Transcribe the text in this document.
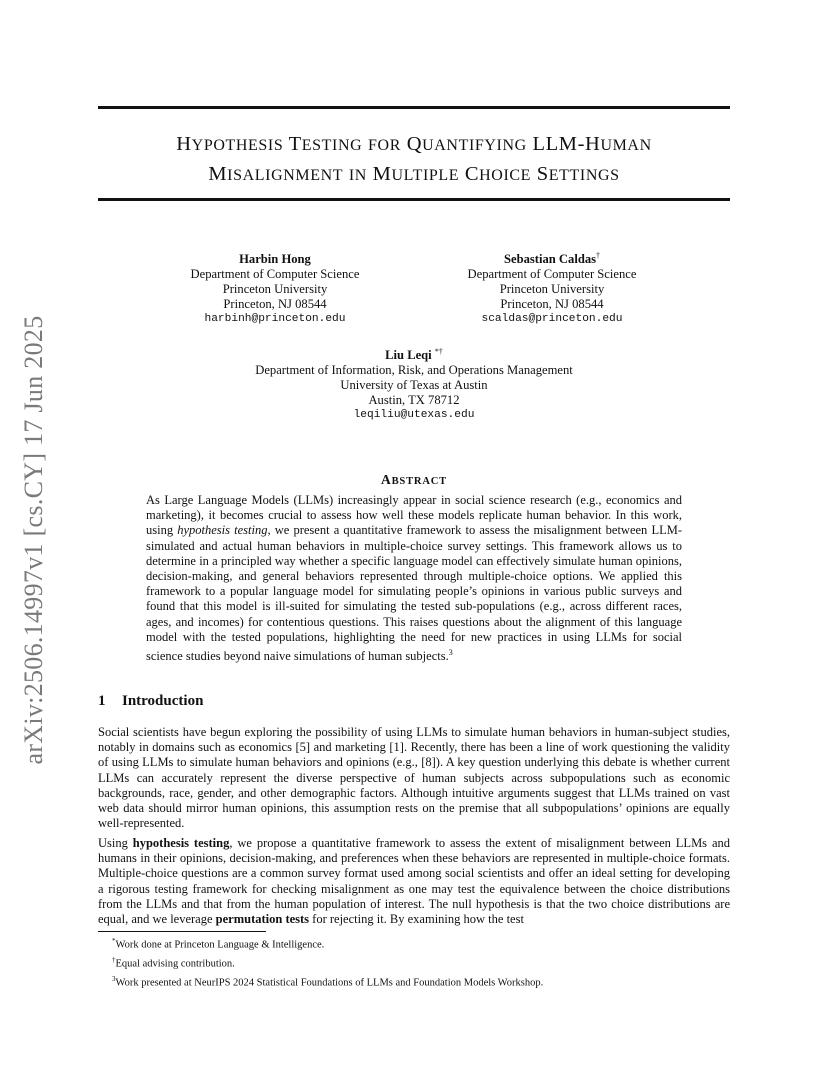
arXiv:2506.14997v1 [cs.CY] 17 Jun 2025
HYPOTHESIS TESTING FOR QUANTIFYING LLM-HUMAN
MISALIGNMENT IN MULTIPLE CHOICE SETTINGS
Harbin Hong
Department of Computer Science
Princeton University
Princeton, NJ 08544
harbinh@princeton.edu
Sebastian Caldas†
Department of Computer Science
Princeton University
Princeton, NJ 08544
scaldas@princeton.edu
Liu Leqi *†
Department of Information, Risk, and Operations Management
University of Texas at Austin
Austin, TX 78712
leqiliu@utexas.edu
ABSTRACT
As Large Language Models (LLMs) increasingly appear in social science research (e.g., economics and marketing), it becomes crucial to assess how well these models replicate human behavior. In this work, using hypothesis testing, we present a quantitative framework to assess the misalignment between LLM-simulated and actual human behaviors in multiple-choice survey settings. This framework allows us to determine in a principled way whether a specific language model can effectively simulate human opinions, decision-making, and general behaviors represented through multiple-choice options. We applied this framework to a popular language model for simulating people’s opinions in various public surveys and found that this model is ill-suited for simulating the tested sub-populations (e.g., across different races, ages, and incomes) for contentious questions. This raises questions about the alignment of this language model with the tested populations, highlighting the need for new practices in using LLMs for social science studies beyond naive simulations of human subjects.$^3$
1 Introduction
Social scientists have begun exploring the possibility of using LLMs to simulate human behaviors in human-subject studies, notably in domains such as economics [5] and marketing [1]. Recently, there has been a line of work questioning the validity of using LLMs to simulate human behaviors and opinions (e.g., [8]). A key question underlying this debate is whether current LLMs can accurately represent the diverse perspective of human subjects across subpopulations such as economic backgrounds, race, gender, and other demographic factors. Although intuitive arguments suggest that LLMs trained on vast web data should mirror human opinions, this assumption rests on the premise that all subpopulations’ opinions are equally well-represented.
Using hypothesis testing, we propose a quantitative framework to assess the extent of misalignment between LLMs and humans in their opinions, decision-making, and preferences when these behaviors are represented in multiple-choice formats. Multiple-choice questions are a common survey format used among social scientists and offer an ideal setting for developing a rigorous testing framework for checking misalignment as one may test the equivalence between the choice distributions from the LLMs and that from the human population of interest. The null hypothesis is that the two choice distributions are equal, and we leverage permutation tests for rejecting it. By examining how the test
*Work done at Princeton Language & Intelligence.
†Equal advising contribution.
$^3$Work presented at NeurIPS 2024 Statistical Foundations of LLMs and Foundation Models Workshop.
